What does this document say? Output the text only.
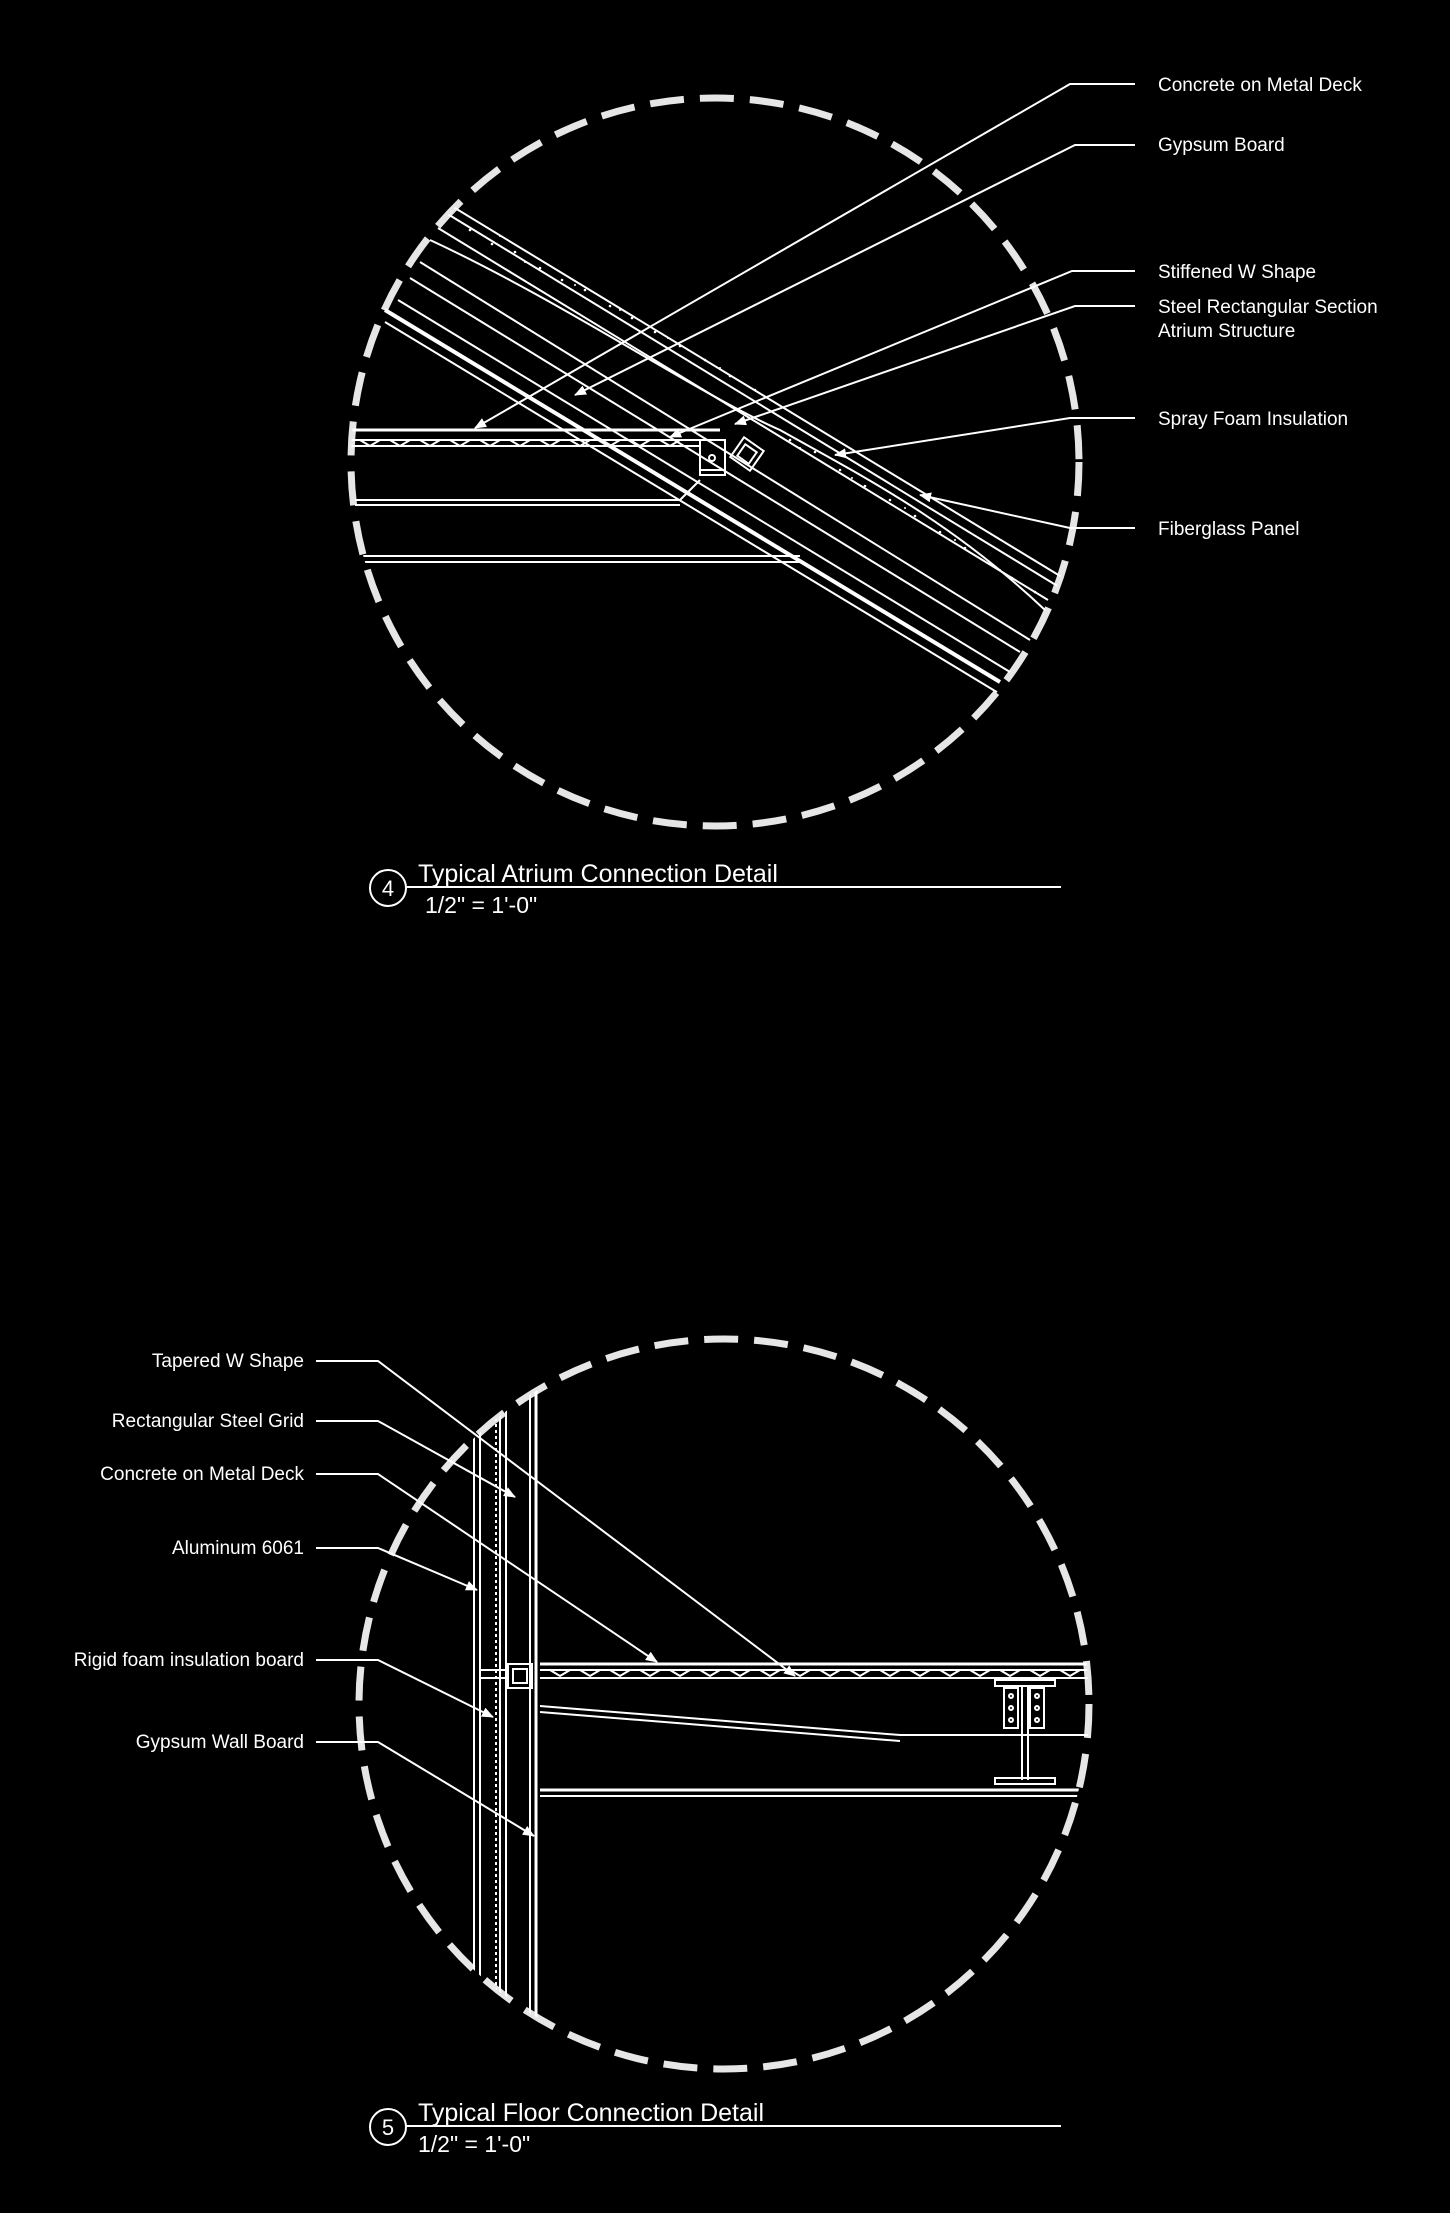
Concrete on Metal Deck
Gypsum Board
Stiffened W Shape
Steel Rectangular Section
Atrium Structure
Spray Foam Insulation
Fiberglass Panel
4
Typical Atrium Connection Detail
1/2" = 1'-0"
Tapered W Shape
Rectangular Steel Grid
Concrete on Metal Deck
Aluminum 6061
Rigid foam insulation board
Gypsum Wall Board
5
Typical Floor Connection Detail
1/2" = 1'-0"
